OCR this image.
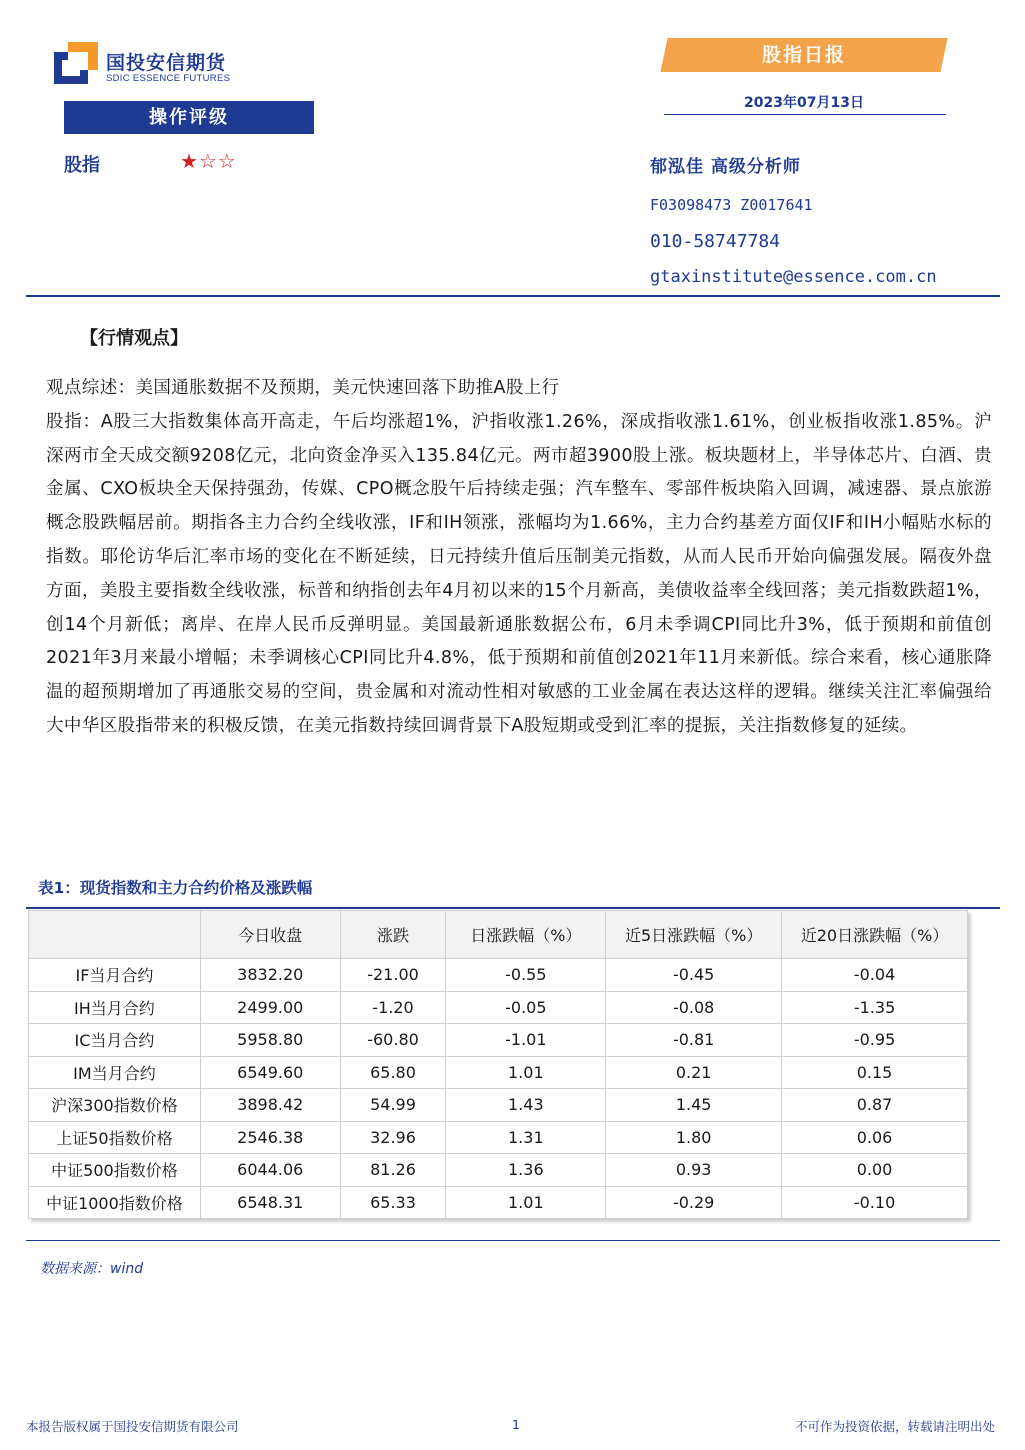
国投安信期货
SDIC ESSENCE FUTURES
股指日报
2023年07月13日
操作评级
股指	★☆☆	郁泓佳 高级分析师
F03098473 Z0017641
010-58747784
gtaxinstitute@essence.com.cn
【行情观点】

观点综述：美国通胀数据不及预期，美元快速回落下助推A股上行

股指：A股三大指数集体高开高走，午后均涨超1%，沪指收涨1.26%，深成指收涨1.61%，创业板指收涨1.85%。沪深两市全天成交额9208亿元，北向资金净买入135.84亿元。两市超3900股上涨。板块题材上，半导体芯片、白酒、贵金属、CXO板块全天保持强劲，传媒、CPO概念股午后持续走强；汽车整车、零部件板块陷入回调，减速器、景点旅游概念股跌幅居前。期指各主力合约全线收涨，IF和IH领涨，涨幅均为1.66%，主力合约基差方面仅IF和IH小幅贴水标的指数。耶伦访华后汇率市场的变化在不断延续，日元持续升值后压制美元指数，从而人民币开始向偏强发展。隔夜外盘方面，美股主要指数全线收涨，标普和纳指创去年4月初以来的15个月新高，美债收益率全线回落；美元指数跌超1%，创14个月新低；离岸、在岸人民币反弹明显。美国最新通胀数据公布，6月未季调CPI同比升3%，低于预期和前值创2021年3月来最小增幅；未季调核心CPI同比升4.8%，低于预期和前值创2021年11月来新低。综合来看，核心通胀降温的超预期增加了再通胀交易的空间，贵金属和对流动性相对敏感的工业金属在表达这样的逻辑。继续关注汇率偏强给大中华区股指带来的积极反馈，在美元指数持续回调背景下A股短期或受到汇率的提振，关注指数修复的延续。

表1：现货指数和主力合约价格及涨跌幅
	今日收盘	涨跌	日涨跌幅（%）	近5日涨跌幅（%）	近20日涨跌幅（%）
IF当月合约	3832.20	-21.00	-0.55	-0.45	-0.04
IH当月合约	2499.00	-1.20	-0.05	-0.08	-1.35
IC当月合约	5958.80	-60.80	-1.01	-0.81	-0.95
IM当月合约	6549.60	65.80	1.01	0.21	0.15
沪深300指数价格	3898.42	54.99	1.43	1.45	0.87
上证50指数价格	2546.38	32.96	1.31	1.80	0.06
中证500指数价格	6044.06	81.26	1.36	0.93	0.00
中证1000指数价格	6548.31	65.33	1.01	-0.29	-0.10
数据来源：wind
本报告版权属于国投安信期货有限公司	1	不可作为投资依据，转载请注明出处
